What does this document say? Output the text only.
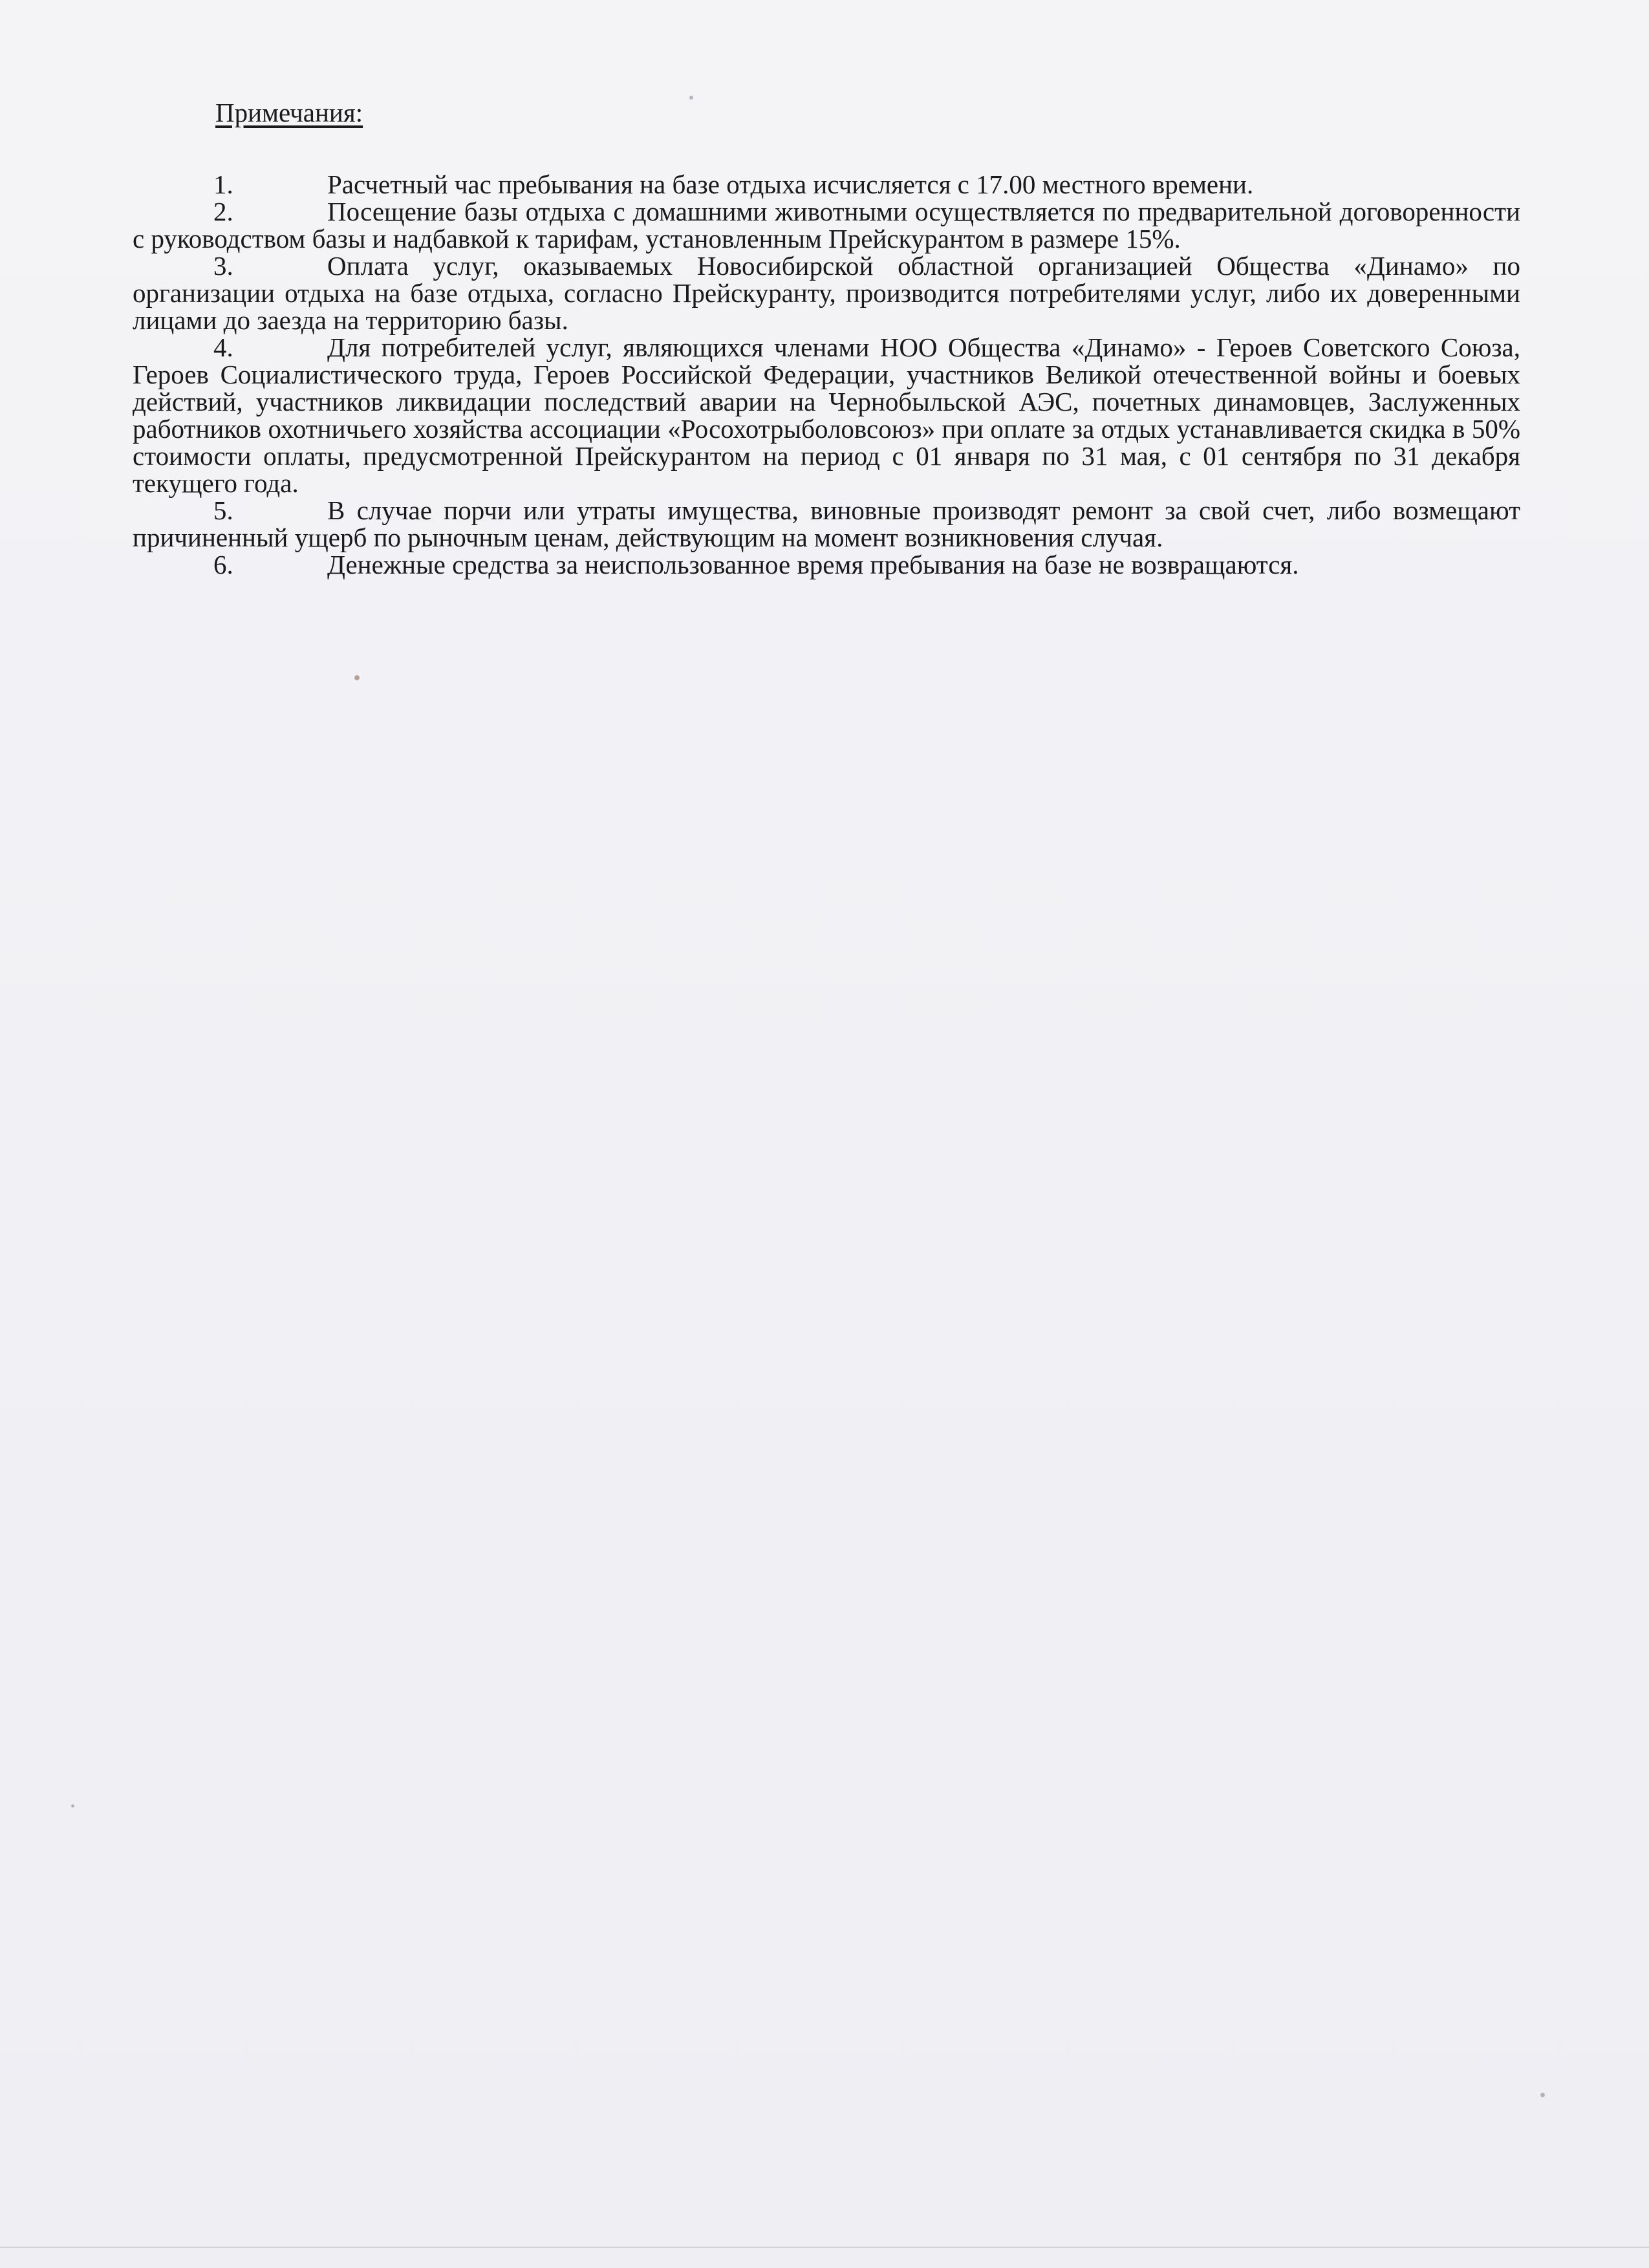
Примечания:
1.	Расчетный час пребывания на базе отдыха исчисляется с 17.00 местного времени.
2.	Посещение базы отдыха с домашними животными осуществляется по предварительной договоренности с руководством базы и надбавкой к тарифам, установленным Прейскурантом в размере 15%.
3.	Оплата услуг, оказываемых Новосибирской областной организацией Общества «Динамо» по организации отдыха на базе отдыха, согласно Прейскуранту, производится потребителями услуг, либо их доверенными лицами до заезда на территорию базы.
4.	Для потребителей услуг, являющихся членами НОО Общества «Динамо» - Героев Советского Союза, Героев Социалистического труда, Героев Российской Федерации, участников Великой отечественной войны и боевых действий, участников ликвидации последствий аварии на Чернобыльской АЭС, почетных динамовцев, Заслуженных работников охотничьего хозяйства ассоциации «Росохотрыболовсоюз» при оплате за отдых устанавливается скидка в 50% стоимости оплаты, предусмотренной Прейскурантом на период с 01 января по 31 мая, с 01 сентября по 31 декабря текущего года.
5.	В случае порчи или утраты имущества, виновные производят ремонт за свой счет, либо возмещают причиненный ущерб по рыночным ценам, действующим на момент возникновения случая.
6.	Денежные средства за неиспользованное время пребывания на базе не возвращаются.
